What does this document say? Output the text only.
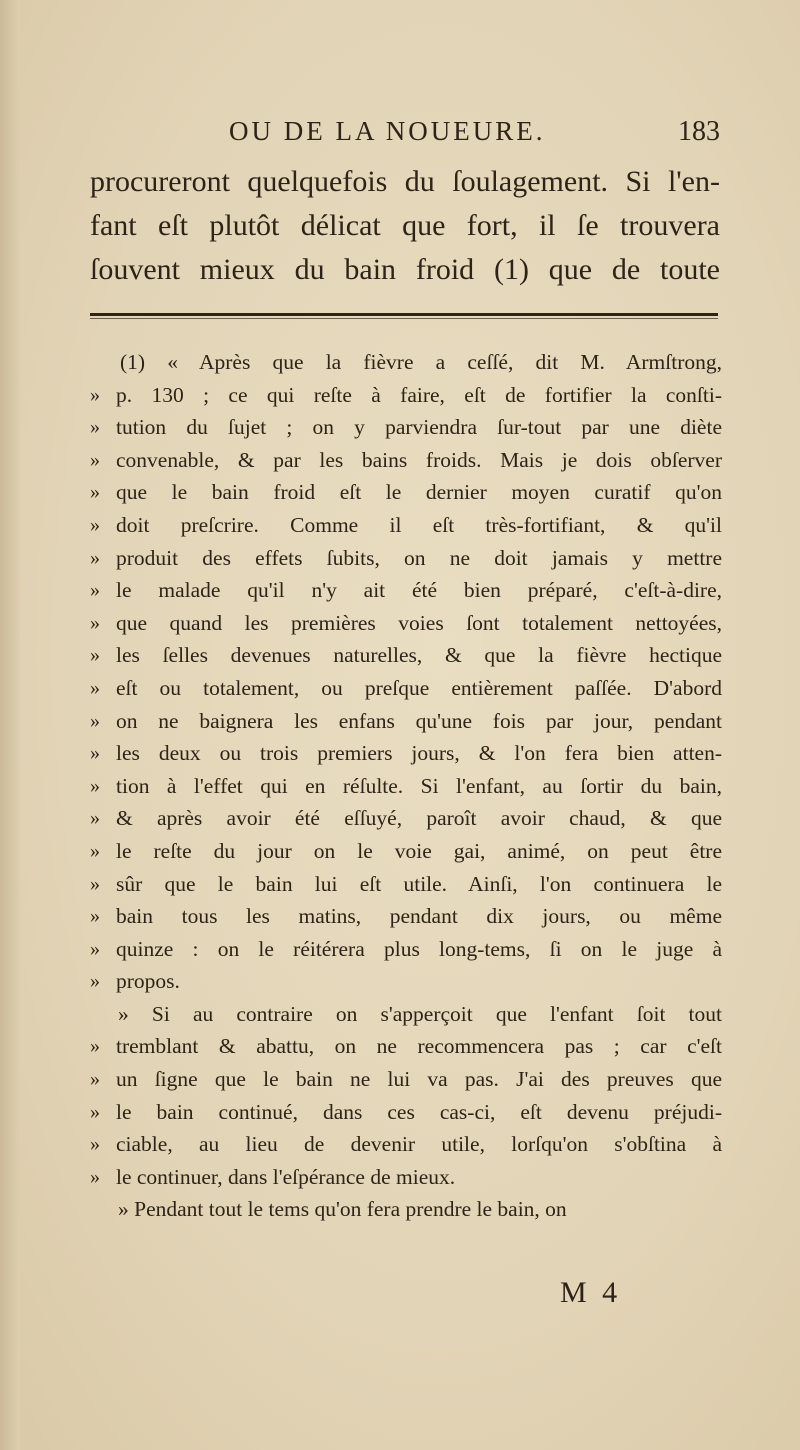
OU DE LA NOUEURE.	183
procureront quelquefois du ſoulagement. Si l'en-
fant eſt plutôt délicat que fort, il ſe trouvera
ſouvent mieux du bain froid (1) que de toute
(1) « Après que la fièvre a ceſſé, dit M. Armſtrong,
» p. 130 ; ce qui reſte à faire, eſt de fortifier la conſti-
» tution du ſujet ; on y parviendra ſur-tout par une diète
» convenable, & par les bains froids. Mais je dois obſerver
» que le bain froid eſt le dernier moyen curatif qu'on
» doit preſcrire. Comme il eſt très-fortifiant, & qu'il
» produit des effets ſubits, on ne doit jamais y mettre
» le malade qu'il n'y ait été bien préparé, c'eſt-à-dire,
» que quand les premières voies ſont totalement nettoyées,
» les ſelles devenues naturelles, & que la fièvre hectique
» eſt ou totalement, ou preſque entièrement paſſée. D'abord
» on ne baignera les enfans qu'une fois par jour, pendant
» les deux ou trois premiers jours, & l'on fera bien atten-
» tion à l'effet qui en réſulte. Si l'enfant, au ſortir du bain,
» & après avoir été eſſuyé, paroît avoir chaud, & que
» le reſte du jour on le voie gai, animé, on peut être
» sûr que le bain lui eſt utile. Ainſi, l'on continuera le
» bain tous les matins, pendant dix jours, ou même
» quinze : on le réitérera plus long-tems, ſi on le juge à
» propos.
» Si au contraire on s'apperçoit que l'enfant ſoit tout
» tremblant & abattu, on ne recommencera pas ; car c'eſt
» un ſigne que le bain ne lui va pas. J'ai des preuves que
» le bain continué, dans ces cas-ci, eſt devenu préjudi-
» ciable, au lieu de devenir utile, lorſqu'on s'obſtina à
» le continuer, dans l'eſpérance de mieux.
» Pendant tout le tems qu'on fera prendre le bain, on
M 4
